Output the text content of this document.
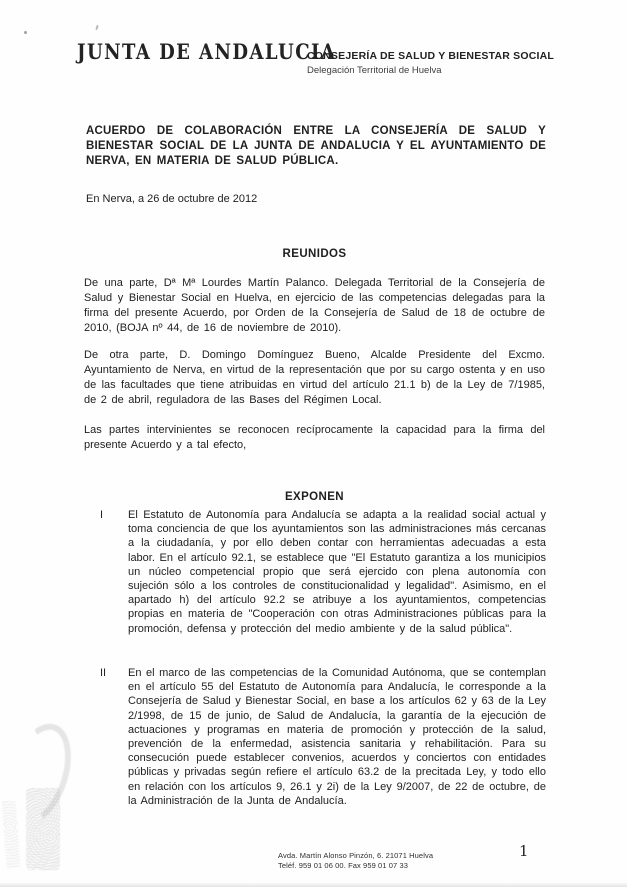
JUNTA DE ANDALUCIA
CONSEJERÍA DE SALUD Y BIENESTAR SOCIAL
Delegación Territorial de Huelva

ACUERDO DE COLABORACIÓN ENTRE LA CONSEJERÍA DE SALUD Y BIENESTAR SOCIAL DE LA JUNTA DE ANDALUCIA Y EL AYUNTAMIENTO DE NERVA, EN MATERIA DE SALUD PÚBLICA.

En Nerva, a 26 de octubre de 2012

REUNIDOS

De una parte, Dª Mª Lourdes Martín Palanco. Delegada Territorial de la Consejería de Salud y Bienestar Social en Huelva, en ejercicio de las competencias delegadas para la firma del presente Acuerdo, por Orden de la Consejería de Salud de 18 de octubre de 2010, (BOJA nº 44, de 16 de noviembre de 2010).

De otra parte, D. Domingo Domínguez Bueno, Alcalde Presidente del Excmo. Ayuntamiento de Nerva, en virtud de la representación que por su cargo ostenta y en uso de las facultades que tiene atribuidas en virtud del artículo 21.1 b) de la Ley de 7/1985, de 2 de abril, reguladora de las Bases del Régimen Local.

Las partes intervinientes se reconocen recíprocamente la capacidad para la firma del presente Acuerdo y a tal efecto,

EXPONEN
I	El Estatuto de Autonomía para Andalucía se adapta a la realidad social actual y toma conciencia de que los ayuntamientos son las administraciones más cercanas a la ciudadanía, y por ello deben contar con herramientas adecuadas a esta labor. En el artículo 92.1, se establece que "El Estatuto garantiza a los municipios un núcleo competencial propio que será ejercido con plena autonomía con sujeción sólo a los controles de constitucionalidad y legalidad". Asimismo, en el apartado h) del artículo 92.2 se atribuye a los ayuntamientos, competencias propias en materia de "Cooperación con otras Administraciones públicas para la promoción, defensa y protección del medio ambiente y de la salud pública".
II	En el marco de las competencias de la Comunidad Autónoma, que se contemplan en el artículo 55 del Estatuto de Autonomía para Andalucía, le corresponde a la Consejería de Salud y Bienestar Social, en base a los artículos 62 y 63 de la Ley 2/1998, de 15 de junio, de Salud de Andalucía, la garantía de la ejecución de actuaciones y programas en materia de promoción y protección de la salud, prevención de la enfermedad, asistencia sanitaria y rehabilitación. Para su consecución puede establecer convenios, acuerdos y conciertos con entidades públicas y privadas según refiere el artículo 63.2 de la precitada Ley, y todo ello en relación con los artículos 9, 26.1 y 2i) de la Ley 9/2007, de 22 de octubre, de la Administración de la Junta de Andalucía.
Avda. Martín Alonso Pinzón, 6. 21071 Huelva
Teléf. 959 01 06 00. Fax 959 01 07 33
1
